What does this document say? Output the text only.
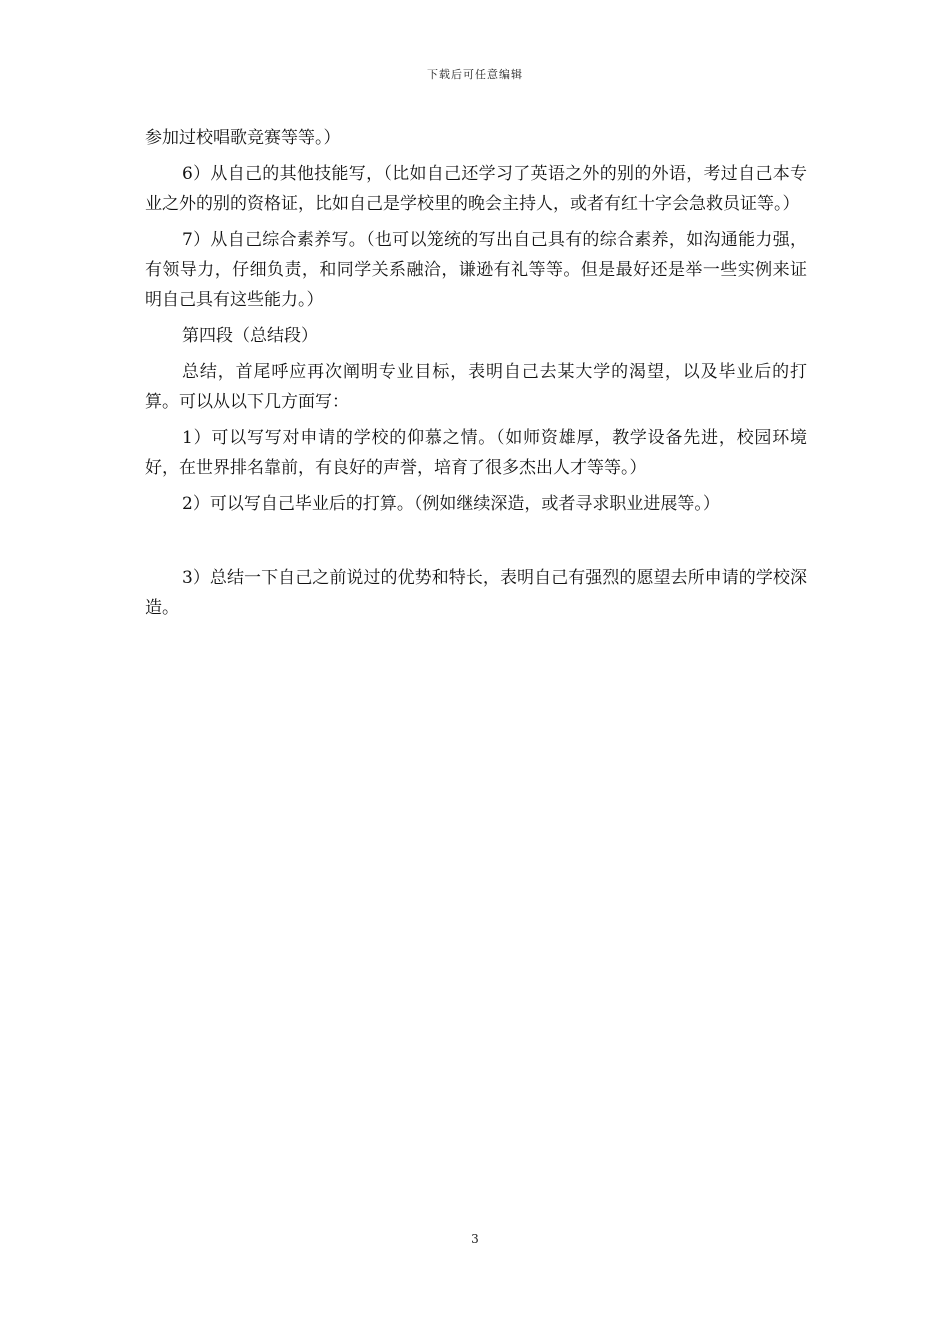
下载后可任意编辑

参加过校唱歌竞赛等等。）

6）从自己的其他技能写，（比如自己还学习了英语之外的别的外语，考过自己本专业之外的别的资格证，比如自己是学校里的晚会主持人，或者有红十字会急救员证等。）

7）从自己综合素养写。（也可以笼统的写出自己具有的综合素养，如沟通能力强，有领导力，仔细负责，和同学关系融洽，谦逊有礼等等。但是最好还是举一些实例来证明自己具有这些能力。）

第四段（总结段）

总结，首尾呼应再次阐明专业目标，表明自己去某大学的渴望，以及毕业后的打算。可以从以下几方面写：

1）可以写写对申请的学校的仰慕之情。（如师资雄厚，教学设备先进，校园环境好，在世界排名靠前，有良好的声誉，培育了很多杰出人才等等。）

2）可以写自己毕业后的打算。（例如继续深造，或者寻求职业进展等。）

3）总结一下自己之前说过的优势和特长，表明自己有强烈的愿望去所申请的学校深造。

3
